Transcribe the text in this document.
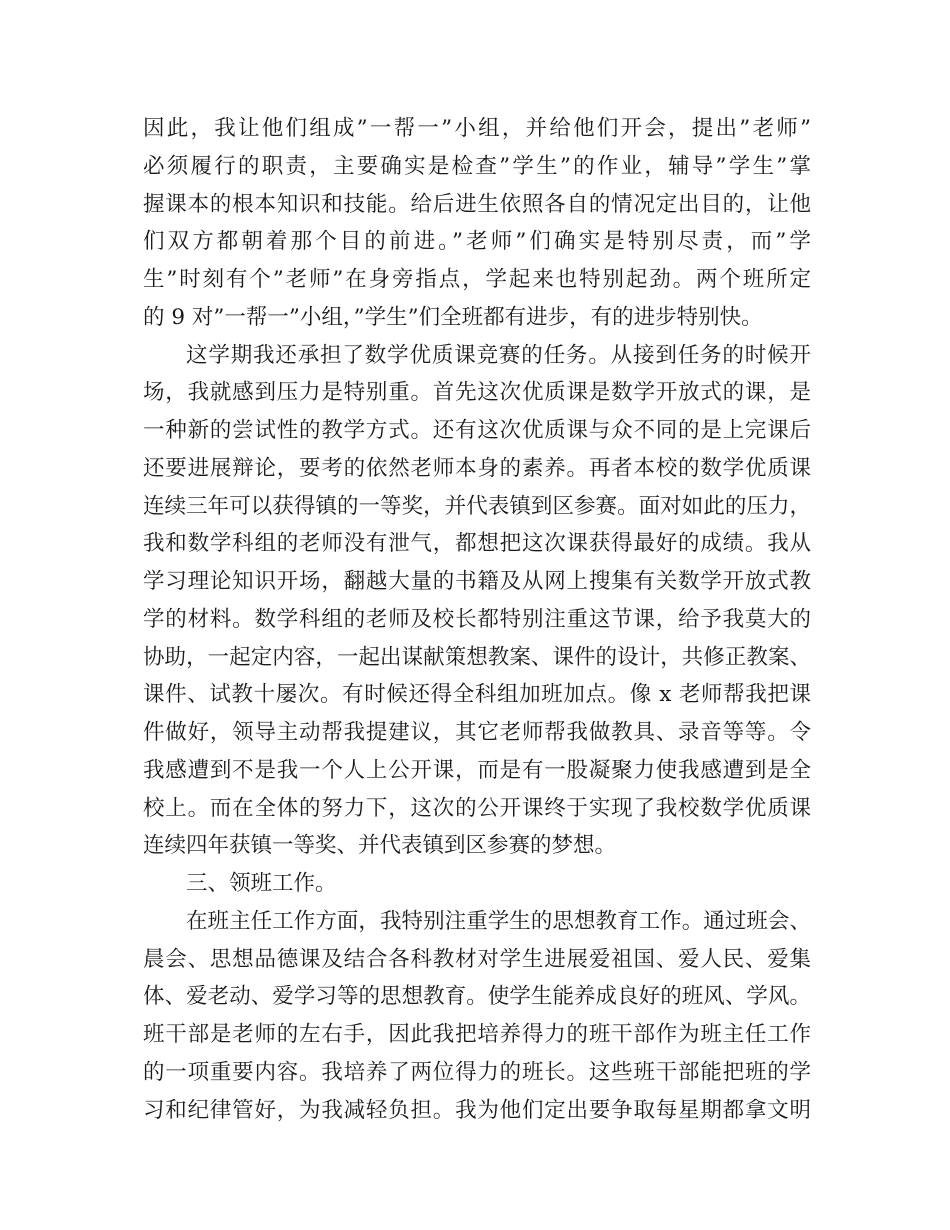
因此，我让他们组成”一帮一”小组，并给他们开会，提出”老师”
必须履行的职责，主要确实是检查”学生”的作业，辅导”学生”掌
握课本的根本知识和技能。给后进生依照各自的情况定出目的，让他
们双方都朝着那个目的前进。”老师”们确实是特别尽责，而”学
生”时刻有个”老师”在身旁指点，学起来也特别起劲。两个班所定
的 9 对”一帮一”小组，”学生”们全班都有进步，有的进步特别快。
这学期我还承担了数学优质课竞赛的任务。从接到任务的时候开
场，我就感到压力是特别重。首先这次优质课是数学开放式的课，是
一种新的尝试性的教学方式。还有这次优质课与众不同的是上完课后
还要进展辩论，要考的依然老师本身的素养。再者本校的数学优质课
连续三年可以获得镇的一等奖，并代表镇到区参赛。面对如此的压力，
我和数学科组的老师没有泄气，都想把这次课获得最好的成绩。我从
学习理论知识开场，翻越大量的书籍及从网上搜集有关数学开放式教
学的材料。数学科组的老师及校长都特别注重这节课，给予我莫大的
协助，一起定内容，一起出谋献策想教案、课件的设计，共修正教案、
课件、试教十屡次。有时候还得全科组加班加点。像 x 老师帮我把课
件做好，领导主动帮我提建议，其它老师帮我做教具、录音等等。令
我感遭到不是我一个人上公开课，而是有一股凝聚力使我感遭到是全
校上。而在全体的努力下，这次的公开课终于实现了我校数学优质课
连续四年获镇一等奖、并代表镇到区参赛的梦想。
三、领班工作。
在班主任工作方面，我特别注重学生的思想教育工作。通过班会、
晨会、思想品德课及结合各科教材对学生进展爱祖国、爱人民、爱集
体、爱老动、爱学习等的思想教育。使学生能养成良好的班风、学风。
班干部是老师的左右手，因此我把培养得力的班干部作为班主任工作
的一项重要内容。我培养了两位得力的班长。这些班干部能把班的学
习和纪律管好，为我减轻负担。我为他们定出要争取每星期都拿文明
